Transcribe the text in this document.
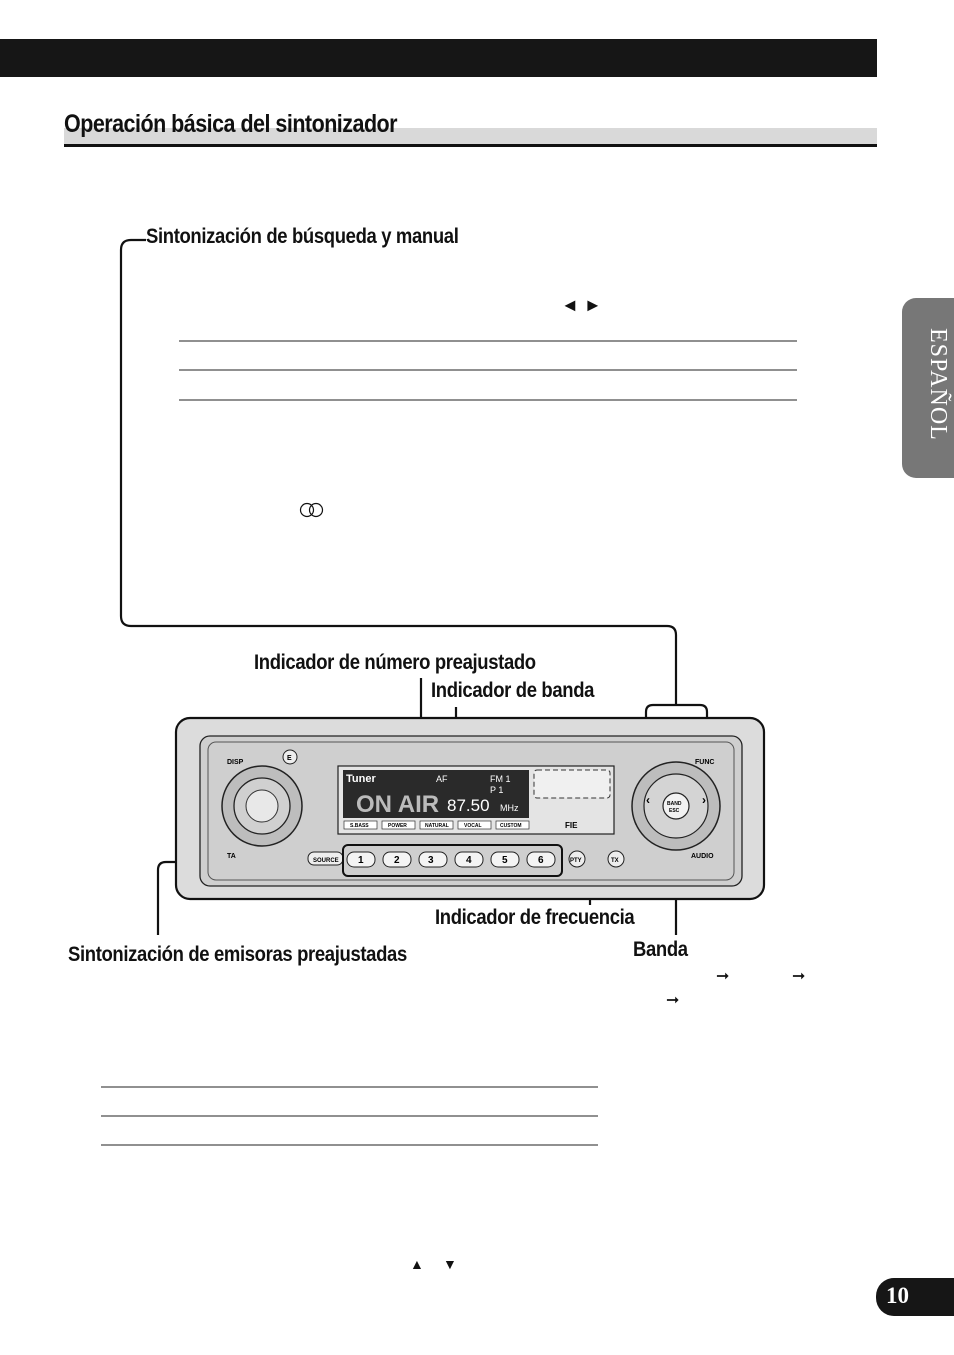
Operación básica del sintonizador
ESPAÑOL
Sintonización de búsqueda y manual
◄ ►
Indicador de número preajustado
Indicador de banda
Indicador de frecuencia
Banda
Sintonización de emisoras preajustadas
➞	➞
➞
▲ ▼
DISP
E
TA
Tuner
ON AIR
AF	FM 1
P 1
87.50 MHz
FIE
S.BASS	POWER	NATURAL	VOCAL	CUSTOM
BAND
ESC
‹	›
FUNC
AUDIO
SOURCE 1	2	3	4	5	6	PTY	TX
10
